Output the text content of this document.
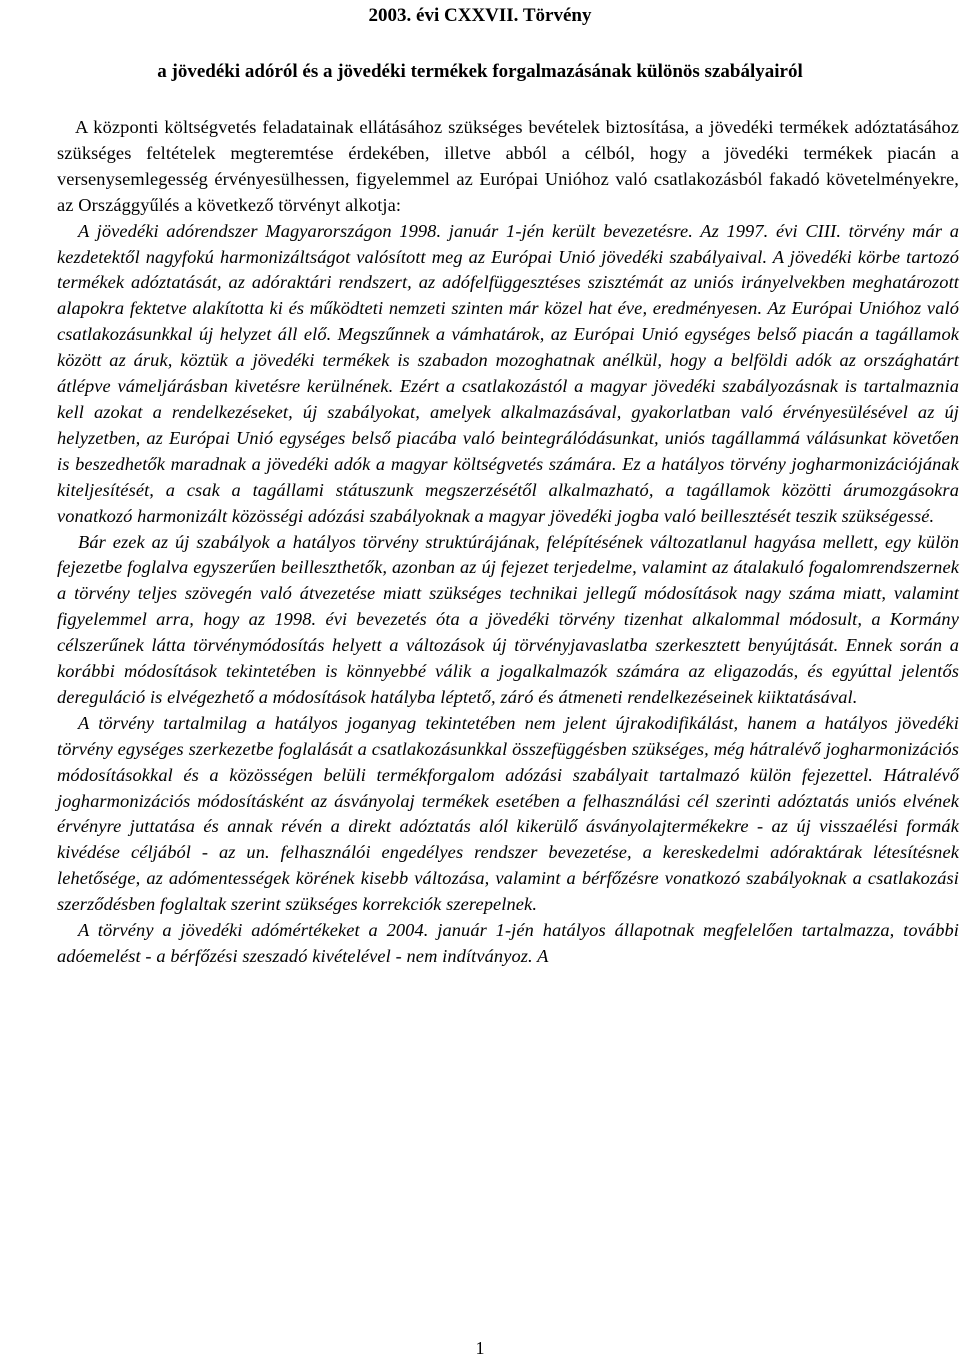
2003. évi CXXVII. Törvény
a jövedéki adóról és a jövedéki termékek forgalmazásának különös szabályairól

A központi költségvetés feladatainak ellátásához szükséges bevételek biztosítása, a jövedéki termékek adóztatásához szükséges feltételek megteremtése érdekében, illetve abból a célból, hogy a jövedéki termékek piacán a versenysemlegesség érvényesülhessen, figyelemmel az Európai Unióhoz való csatlakozásból fakadó követelményekre, az Országgyűlés a következő törvényt alkotja:

A jövedéki adórendszer Magyarországon 1998. január 1-jén került bevezetésre. Az 1997. évi CIII. törvény már a kezdetektől nagyfokú harmonizáltságot valósított meg az Európai Unió jövedéki szabályaival. A jövedéki körbe tartozó termékek adóztatását, az adóraktári rendszert, az adófelfüggesztéses szisztémát az uniós irányelvekben meghatározott alapokra fektetve alakította ki és működteti nemzeti szinten már közel hat éve, eredményesen. Az Európai Unióhoz való csatlakozásunkkal új helyzet áll elő. Megszűnnek a vámhatárok, az Európai Unió egységes belső piacán a tagállamok között az áruk, köztük a jövedéki termékek is szabadon mozoghatnak anélkül, hogy a belföldi adók az országhatárt átlépve vámeljárásban kivetésre kerülnének. Ezért a csatlakozástól a magyar jövedéki szabályozásnak is tartalmaznia kell azokat a rendelkezéseket, új szabályokat, amelyek alkalmazásával, gyakorlatban való érvényesülésével az új helyzetben, az Európai Unió egységes belső piacába való beintegrálódásunkat, uniós tagállammá válásunkat követően is beszedhetők maradnak a jövedéki adók a magyar költségvetés számára. Ez a hatályos törvény jogharmonizációjának kiteljesítését, a csak a tagállami státuszunk megszerzésétől alkalmazható, a tagállamok közötti árumozgásokra vonatkozó harmonizált közösségi adózási szabályoknak a magyar jövedéki jogba való beillesztését teszik szükségessé.

Bár ezek az új szabályok a hatályos törvény struktúrájának, felépítésének változatlanul hagyása mellett, egy külön fejezetbe foglalva egyszerűen beilleszthetők, azonban az új fejezet terjedelme, valamint az átalakuló fogalomrendszernek a törvény teljes szövegén való átvezetése miatt szükséges technikai jellegű módosítások nagy száma miatt, valamint figyelemmel arra, hogy az 1998. évi bevezetés óta a jövedéki törvény tizenhat alkalommal módosult, a Kormány célszerűnek látta törvénymódosítás helyett a változások új törvényjavaslatba szerkesztett benyújtását. Ennek során a korábbi módosítások tekintetében is könnyebbé válik a jogalkalmazók számára az eligazodás, és egyúttal jelentős dereguláció is elvégezhető a módosítások hatályba léptető, záró és átmeneti rendelkezéseinek kiiktatásával.

A törvény tartalmilag a hatályos joganyag tekintetében nem jelent újrakodifikálást, hanem a hatályos jövedéki törvény egységes szerkezetbe foglalását a csatlakozásunkkal összefüggésben szükséges, még hátralévő jogharmonizációs módosításokkal és a közösségen belüli termékforgalom adózási szabályait tartalmazó külön fejezettel. Hátralévő jogharmonizációs módosításként az ásványolaj termékek esetében a felhasználási cél szerinti adóztatás uniós elvének érvényre juttatása és annak révén a direkt adóztatás alól kikerülő ásványolajtermékekre - az új visszaélési formák kivédése céljából - az un. felhasználói engedélyes rendszer bevezetése, a kereskedelmi adóraktárak létesítésnek lehetősége, az adómentességek körének kisebb változása, valamint a bérfőzésre vonatkozó szabályoknak a csatlakozási szerződésben foglaltak szerint szükséges korrekciók szerepelnek.

A törvény a jövedéki adómértékeket a 2004. január 1-jén hatályos állapotnak megfelelően tartalmazza, további adóemelést - a bérfőzési szeszadó kivételével - nem indítványoz. A

1
